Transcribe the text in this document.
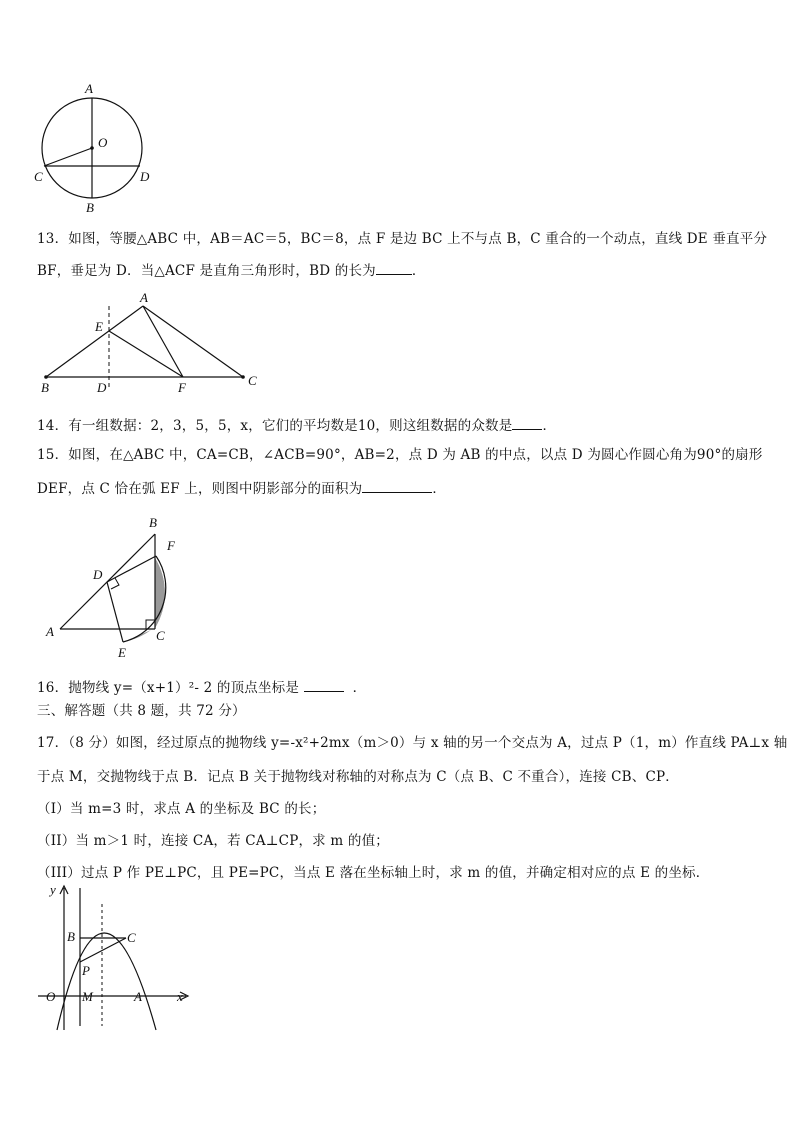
A
O
C	D
B
13．如图，等腰△ABC 中，AB＝AC＝5，BC＝8，点 F 是边 BC 上不与点 B，C 重合的一个动点，直线 DE 垂直平分
BF，垂足为 D．当△ACF 是直角三角形时，BD 的长为	．
A
E
B	D	F	C
14．有一组数据：2，3，5，5，x，它们的平均数是10，则这组数据的众数是 ．
15．如图，在△ABC 中，CA=CB，∠ACB=90°，AB=2，点 D 为 AB 的中点，以点 D 为圆心作圆心角为90°的扇形
DEF，点 C 恰在弧 EF 上，则图中阴影部分的面积为	．
B
F
D
A	C
E
16．抛物线 y=（x+1）²- 2 的顶点坐标是	．
三、解答题（共 8 题，共 72 分）
17．（8 分）如图，经过原点的抛物线 y=-x²+2mx（m＞0）与 x 轴的另一个交点为 A，过点 P（1，m）作直线 PA⊥x 轴
于点 M，交抛物线于点 B．记点 B 关于抛物线对称轴的对称点为 C（点 B、C 不重合），连接 CB、CP．
（I）当 m=3 时，求点 A 的坐标及 BC 的长；
（II）当 m＞1 时，连接 CA，若 CA⊥CP，求 m 的值；
（III）过点 P 作 PE⊥PC，且 PE=PC，当点 E 落在坐标轴上时，求 m 的值，并确定相对应的点 E 的坐标．
y
B	C
P
O M	A	x
